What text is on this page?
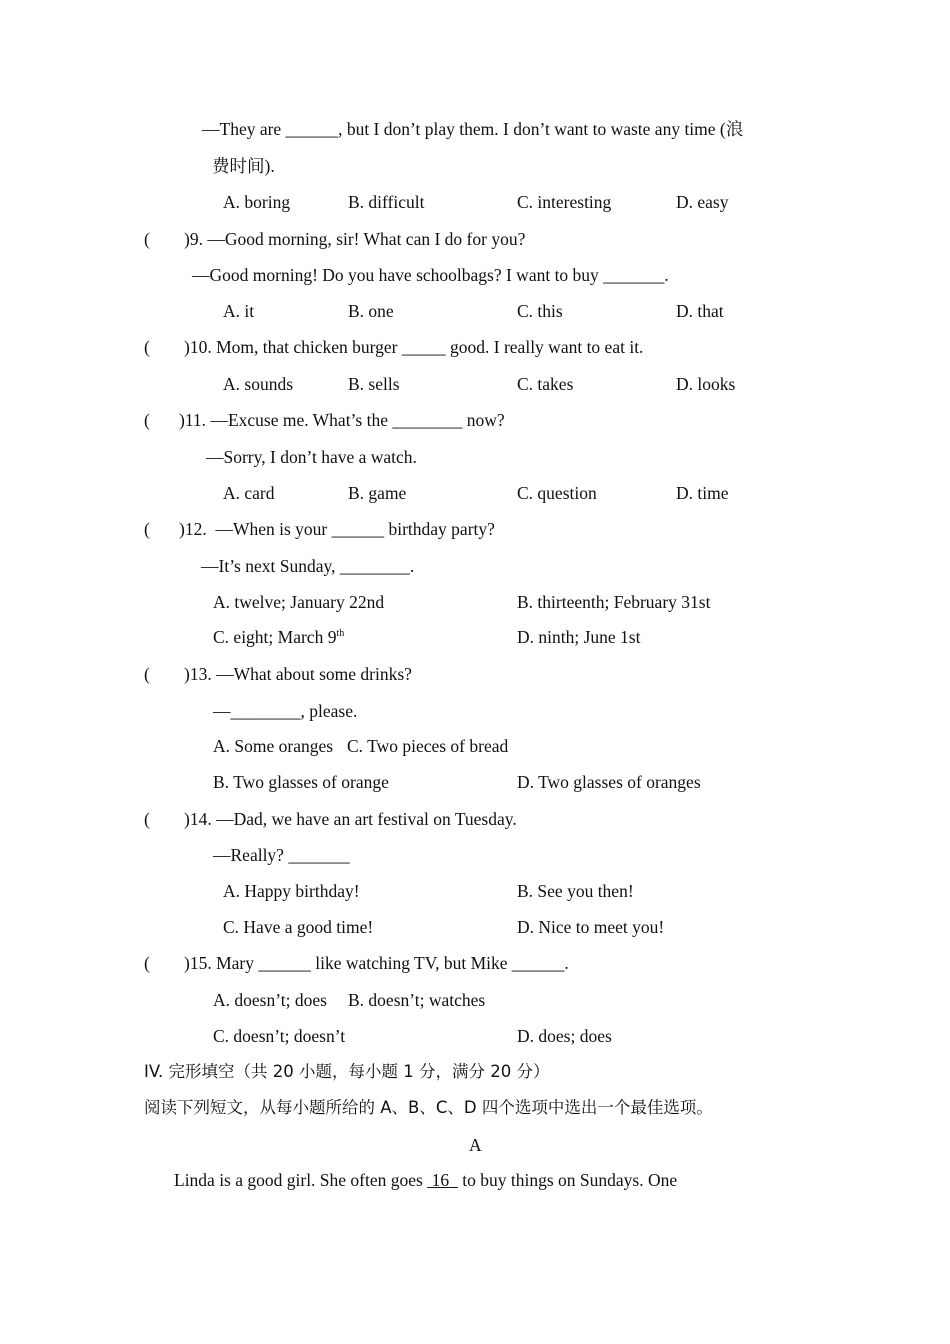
—They are ______, but I don’t play them. I don’t want to waste any time (浪
费时间).
A. boring	B. difficult	C. interesting	D. easy
( )9. —Good morning, sir! What can I do for you?
—Good morning! Do you have schoolbags? I want to buy _______.
A. it	B. one	C. this	D. that
( )10. Mom, that chicken burger _____ good. I really want to eat it.
A. sounds	B. sells	C. takes	D. looks
( )11. —Excuse me. What’s the ________ now?
—Sorry, I don’t have a watch.
A. card	B. game	C. question	D. time
( )12. —When is your ______ birthday party?
—It’s next Sunday, ________.
A. twelve; January 22nd	B. thirteenth; February 31st
C. eight; March 9th	D. ninth; June 1st
( )13. —What about some drinks?
—________, please.
A. Some oranges C. Two pieces of bread
B. Two glasses of orange	D. Two glasses of oranges
( )14. —Dad, we have an art festival on Tuesday.
—Really? _______
A. Happy birthday!	B. See you then!
C. Have a good time!	D. Nice to meet you!
( )15. Mary ______ like watching TV, but Mike ______.
A. doesn’t; does B. doesn’t; watches
C. doesn’t; doesn’t	D. does; does
IV. 完形填空（共 20 小题，每小题 1 分，满分 20 分）
阅读下列短文，从每小题所给的 A、B、C、D 四个选项中选出一个最佳选项。
A
Linda is a good girl. She often goes  16   to buy things on Sundays. One
